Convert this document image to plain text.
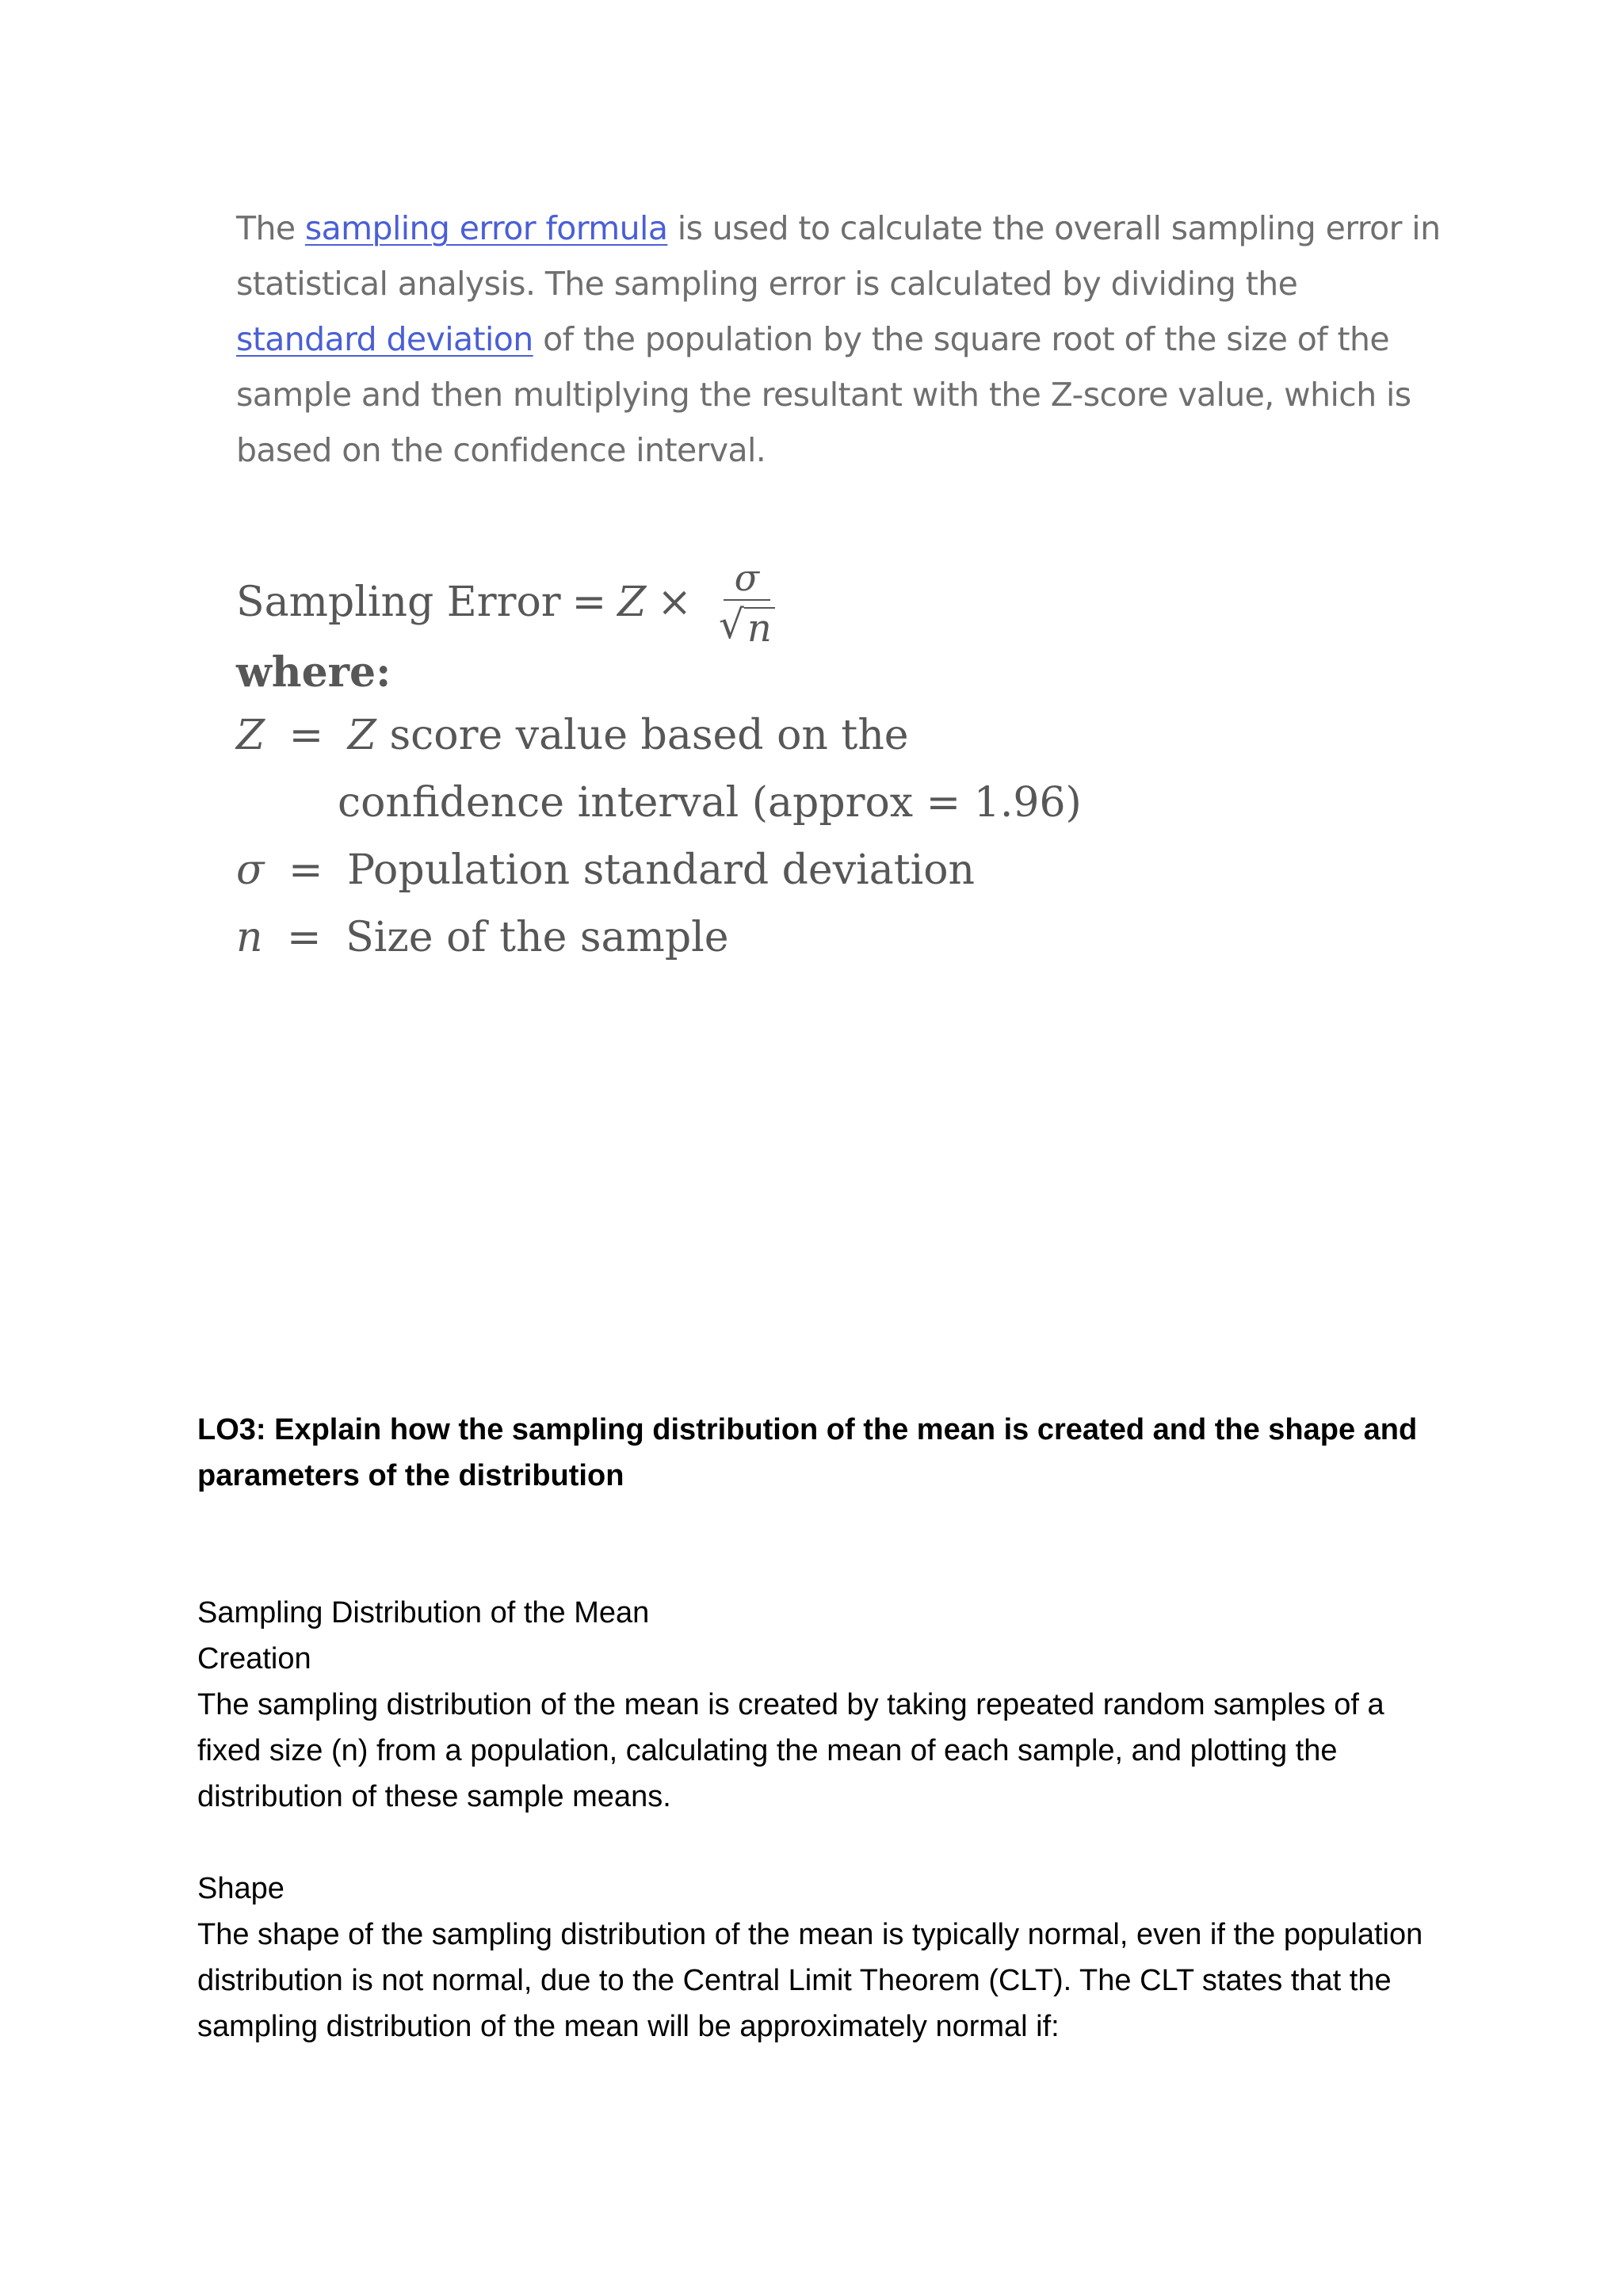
The sampling error formula is used to calculate the overall sampling error in statistical analysis. The sampling error is calculated by dividing the standard deviation of the population by the square root of the size of the sample and then multiplying the resultant with the Z-score value, which is based on the confidence interval.
Sampling Error = $Z \times \frac{\sigma}{√ n}$
where:
Z = Z score value based on the
confidence interval (approx = 1.96)
σ = Population standard deviation
n = Size of the sample
LO3: Explain how the sampling distribution of the mean is created and the shape and parameters of the distribution
Sampling Distribution of the Mean
Creation
The sampling distribution of the mean is created by taking repeated random samples of a fixed size (n) from a population, calculating the mean of each sample, and plotting the distribution of these sample means.
Shape
The shape of the sampling distribution of the mean is typically normal, even if the population distribution is not normal, due to the Central Limit Theorem (CLT). The CLT states that the sampling distribution of the mean will be approximately normal if:
